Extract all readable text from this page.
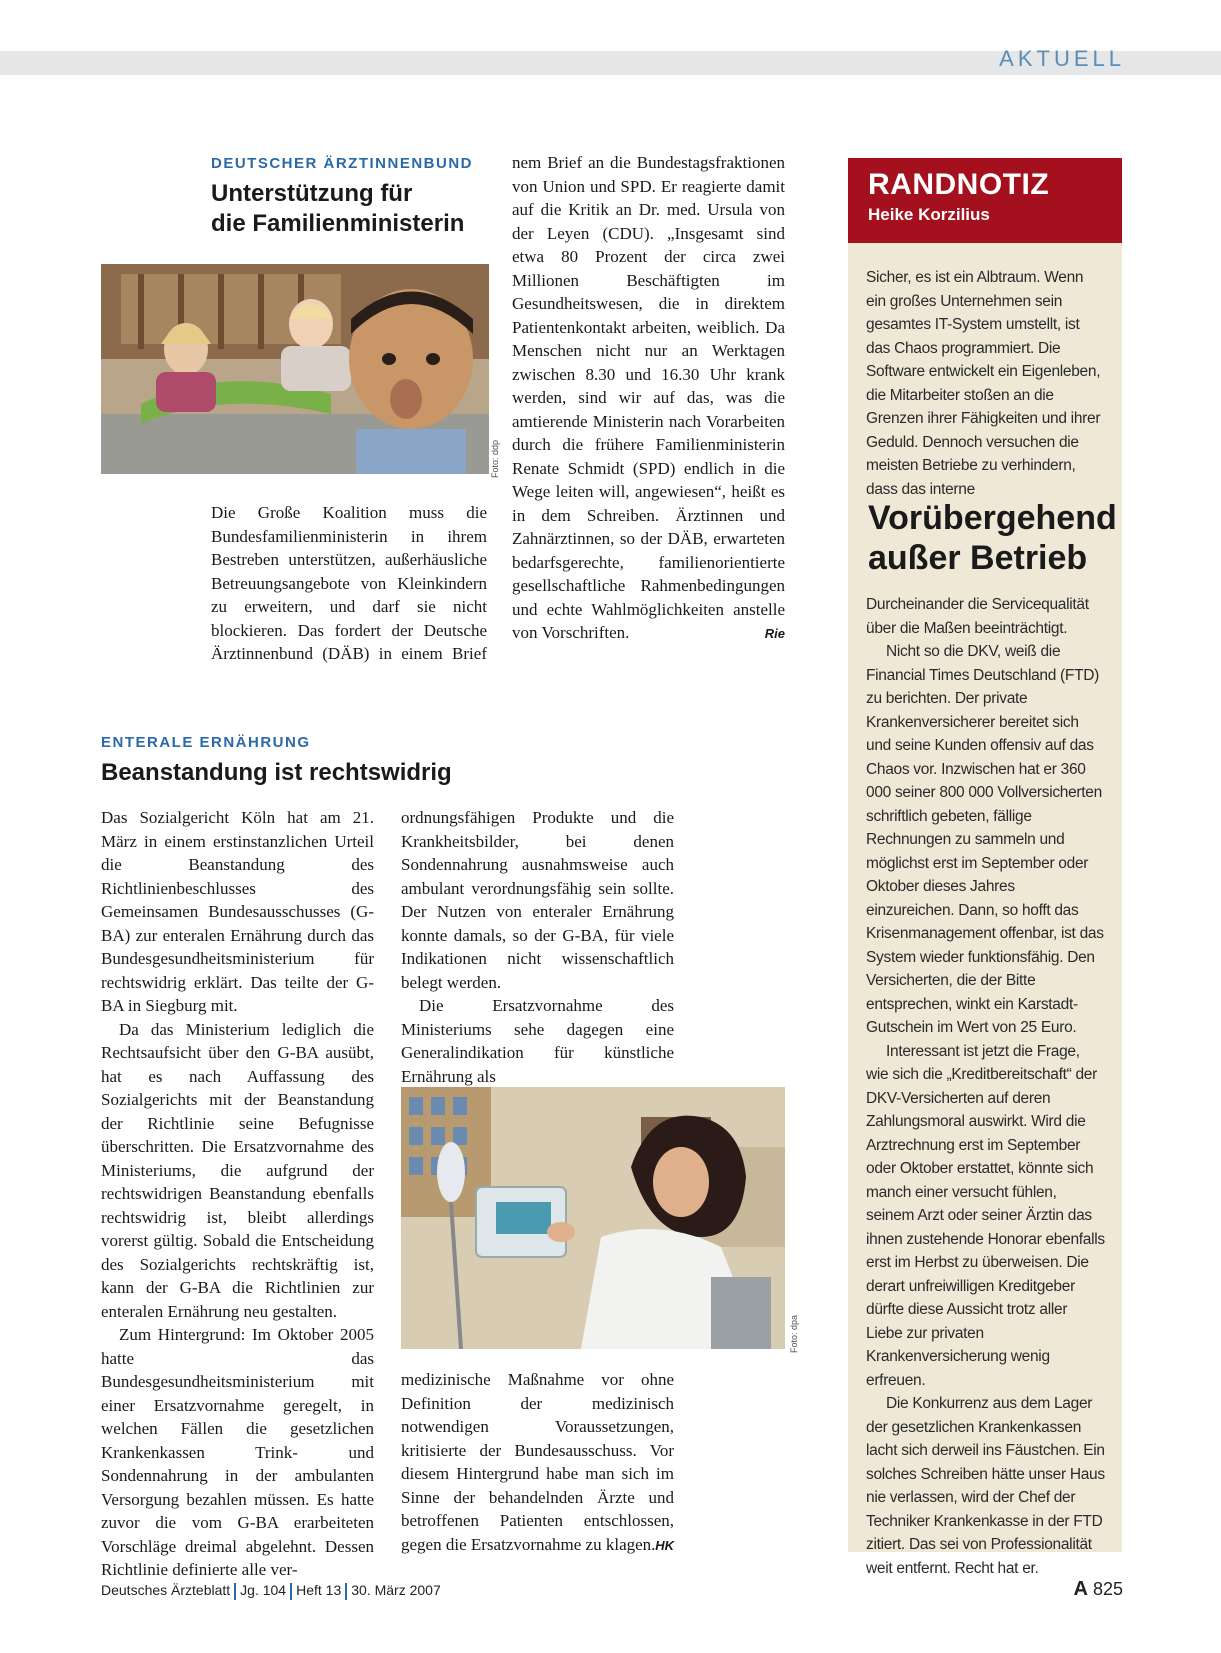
AKTUELL
DEUTSCHER ÄRZTINNENBUND
Unterstützung für
die Familienministerin
Foto: ddp

Die Große Koalition muss die Bundesfamilienministerin in ihrem Bestreben unterstützen, außerhäusliche Betreuungsangebote von Kleinkindern zu erweitern, und darf sie nicht blockieren. Das fordert der Deutsche Ärztinnenbund (DÄB) in einem Brief

nem Brief an die Bundestagsfraktionen von Union und SPD. Er reagierte damit auf die Kritik an Dr. med. Ursula von der Leyen (CDU). „Insgesamt sind etwa 80 Prozent der circa zwei Millionen Beschäftigten im Gesundheitswesen, die in direktem Patientenkontakt arbeiten, weiblich. Da Menschen nicht nur an Werktagen zwischen 8.30 und 16.30 Uhr krank werden, sind wir auf das, was die amtierende Ministerin nach Vorarbeiten durch die frühere Familienministerin Renate Schmidt (SPD) endlich in die Wege leiten will, angewiesen“, heißt es in dem Schreiben. Ärztinnen und Zahnärztinnen, so der DÄB, erwarteten bedarfsgerechte, familienorientierte gesellschaftliche Rahmenbedingungen und echte Wahlmöglichkeiten anstelle von Vorschriften.	Rie
ENTERALE ERNÄHRUNG
Beanstandung ist rechtswidrig

Das Sozialgericht Köln hat am 21. März in einem erstinstanzlichen Urteil die Beanstandung des Richtlinienbeschlusses des Gemeinsamen Bundesausschusses (G-BA) zur enteralen Ernährung durch das Bundesgesundheitsministerium für rechtswidrig erklärt. Das teilte der G-BA in Siegburg mit.

Da das Ministerium lediglich die Rechtsaufsicht über den G-BA ausübt, hat es nach Auffassung des Sozialgerichts mit der Beanstandung der Richtlinie seine Befugnisse überschritten. Die Ersatzvornahme des Ministeriums, die aufgrund der rechtswidrigen Beanstandung ebenfalls rechtswidrig ist, bleibt allerdings vorerst gültig. Sobald die Entscheidung des Sozialgerichts rechtskräftig ist, kann der G-BA die Richtlinien zur enteralen Ernährung neu gestalten.

Zum Hintergrund: Im Oktober 2005 hatte das Bundesgesundheitsministerium mit einer Ersatzvornahme geregelt, in welchen Fällen die gesetzlichen Krankenkassen Trink- und Sondennahrung in der ambulanten Versorgung bezahlen müssen. Es hatte zuvor die vom G-BA erarbeiteten Vorschläge dreimal abgelehnt. Dessen Richtlinie definierte alle ver-

ordnungsfähigen Produkte und die Krankheitsbilder, bei denen Sondennahrung ausnahmsweise auch ambulant verordnungsfähig sein sollte. Der Nutzen von enteraler Ernährung konnte damals, so der G-BA, für viele Indikationen nicht wissenschaftlich belegt werden.

Die Ersatzvornahme des Ministeriums sehe dagegen eine Generalindikation für künstliche Ernährung als

Foto: dpa

medizinische Maßnahme vor ohne Definition der medizinisch notwendigen Voraussetzungen, kritisierte der Bundesausschuss. Vor diesem Hintergrund habe man sich im Sinne der behandelnden Ärzte und betroffenen Patienten entschlossen, gegen die Ersatzvornahme zu klagen. HK
RANDNOTIZ
Heike Korzilius
Sicher, es ist ein Albtraum. Wenn ein großes Unternehmen sein gesamtes IT-System umstellt, ist das Chaos programmiert. Die Software entwickelt ein Eigenleben, die Mitarbeiter stoßen an die Grenzen ihrer Fähigkeiten und ihrer Geduld. Dennoch versuchen die meisten Betriebe zu verhindern, dass das interne
Vorübergehend
außer Betrieb

Durcheinander die Servicequalität über die Maßen beeinträchtigt.

Nicht so die DKV, weiß die Financial Times Deutschland (FTD) zu berichten. Der private Krankenversicherer bereitet sich und seine Kunden offensiv auf das Chaos vor. Inzwischen hat er 360 000 seiner 800 000 Vollversicherten schriftlich gebeten, fällige Rechnungen zu sammeln und möglichst erst im September oder Oktober dieses Jahres einzureichen. Dann, so hofft das Krisenmanagement offenbar, ist das System wieder funktionsfähig. Den Versicherten, die der Bitte entsprechen, winkt ein Karstadt-Gutschein im Wert von 25 Euro.

Interessant ist jetzt die Frage, wie sich die „Kreditbereitschaft“ der DKV-Versicherten auf deren Zahlungsmoral auswirkt. Wird die Arztrechnung erst im September oder Oktober erstattet, könnte sich manch einer versucht fühlen, seinem Arzt oder seiner Ärztin das ihnen zustehende Honorar ebenfalls erst im Herbst zu überweisen. Die derart unfreiwilligen Kreditgeber dürfte diese Aussicht trotz aller Liebe zur privaten Krankenversicherung wenig erfreuen.

Die Konkurrenz aus dem Lager der gesetzlichen Krankenkassen lacht sich derweil ins Fäustchen. Ein solches Schreiben hätte unser Haus nie verlassen, wird der Chef der Techniker Krankenkasse in der FTD zitiert. Das sei von Professionalität weit entfernt. Recht hat er.

Deutsches Ärzteblatt Jg. 104 Heft 13 30. März 2007	A 825
